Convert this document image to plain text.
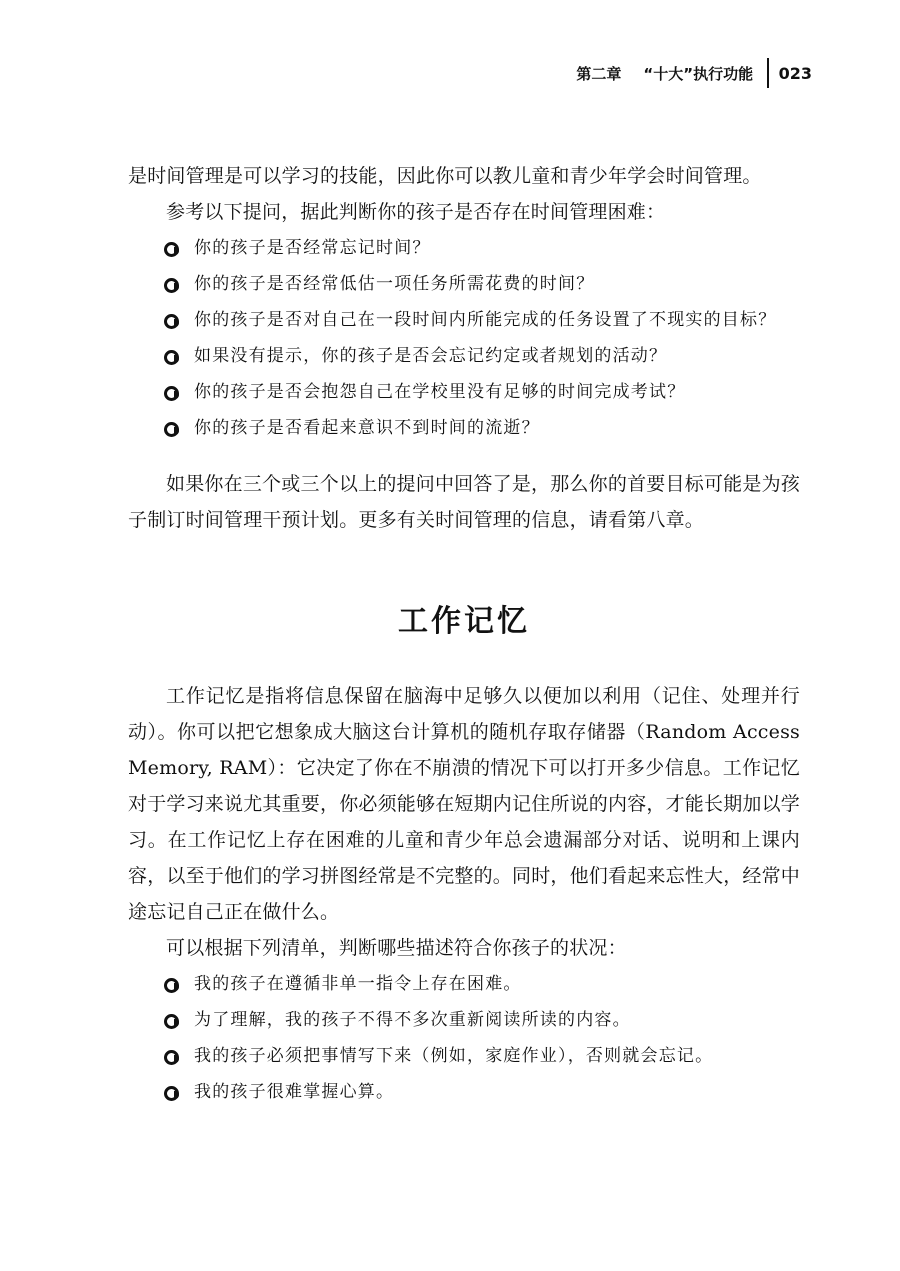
第二章 “十大”执行功能 023

是时间管理是可以学习的技能，因此你可以教儿童和青少年学会时间管理。

参考以下提问，据此判断你的孩子是否存在时间管理困难：

你的孩子是否经常忘记时间？
你的孩子是否经常低估一项任务所需花费的时间？
你的孩子是否对自己在一段时间内所能完成的任务设置了不现实的目标？
如果没有提示，你的孩子是否会忘记约定或者规划的活动？
你的孩子是否会抱怨自己在学校里没有足够的时间完成考试？
你的孩子是否看起来意识不到时间的流逝？

如果你在三个或三个以上的提问中回答了是，那么你的首要目标可能是为孩子制订时间管理干预计划。更多有关时间管理的信息，请看第八章。

工作记忆

工作记忆是指将信息保留在脑海中足够久以便加以利用（记住、处理并行动）。你可以把它想象成大脑这台计算机的随机存取存储器（Random Access Memory, RAM）：它决定了你在不崩溃的情况下可以打开多少信息。工作记忆对于学习来说尤其重要，你必须能够在短期内记住所说的内容，才能长期加以学习。在工作记忆上存在困难的儿童和青少年总会遗漏部分对话、说明和上课内容，以至于他们的学习拼图经常是不完整的。同时，他们看起来忘性大，经常中途忘记自己正在做什么。

可以根据下列清单，判断哪些描述符合你孩子的状况：

我的孩子在遵循非单一指令上存在困难。
为了理解，我的孩子不得不多次重新阅读所读的内容。
我的孩子必须把事情写下来（例如，家庭作业），否则就会忘记。
我的孩子很难掌握心算。
